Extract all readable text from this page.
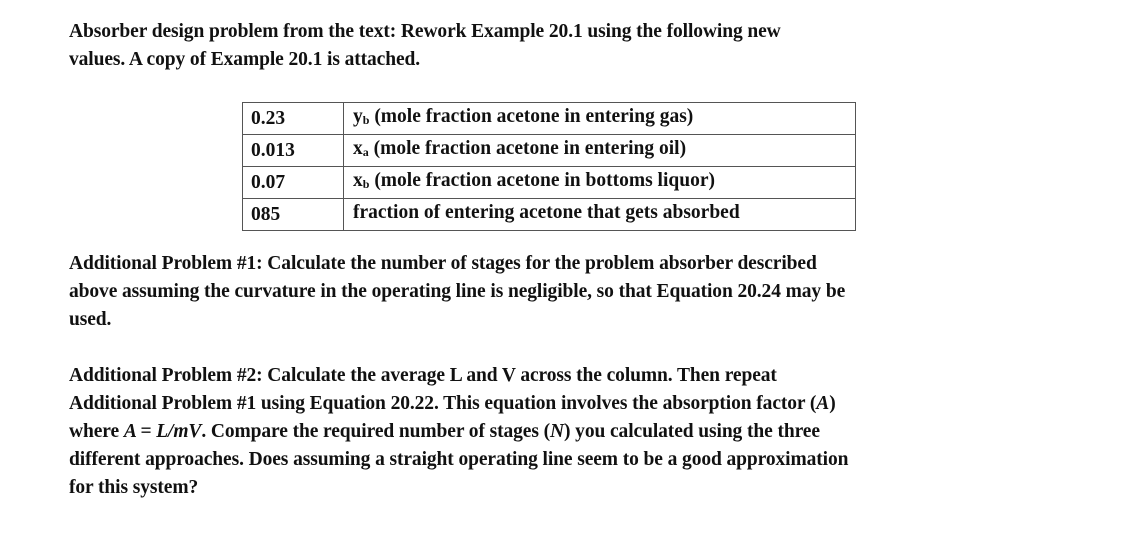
Absorber design problem from the text: Rework Example 20.1 using the following new
values. A copy of Example 20.1 is attached.

0.23	yb (mole fraction acetone in entering gas)
0.013	xa (mole fraction acetone in entering oil)
0.07	xb (mole fraction acetone in bottoms liquor)
085	fraction of entering acetone that gets absorbed

Additional Problem #1: Calculate the number of stages for the problem absorber described
above assuming the curvature in the operating line is negligible, so that Equation 20.24 may be
used.

Additional Problem #2: Calculate the average L and V across the column. Then repeat
Additional Problem #1 using Equation 20.22. This equation involves the absorption factor (A)
where A = L/mV. Compare the required number of stages (N) you calculated using the three
different approaches. Does assuming a straight operating line seem to be a good approximation
for this system?
